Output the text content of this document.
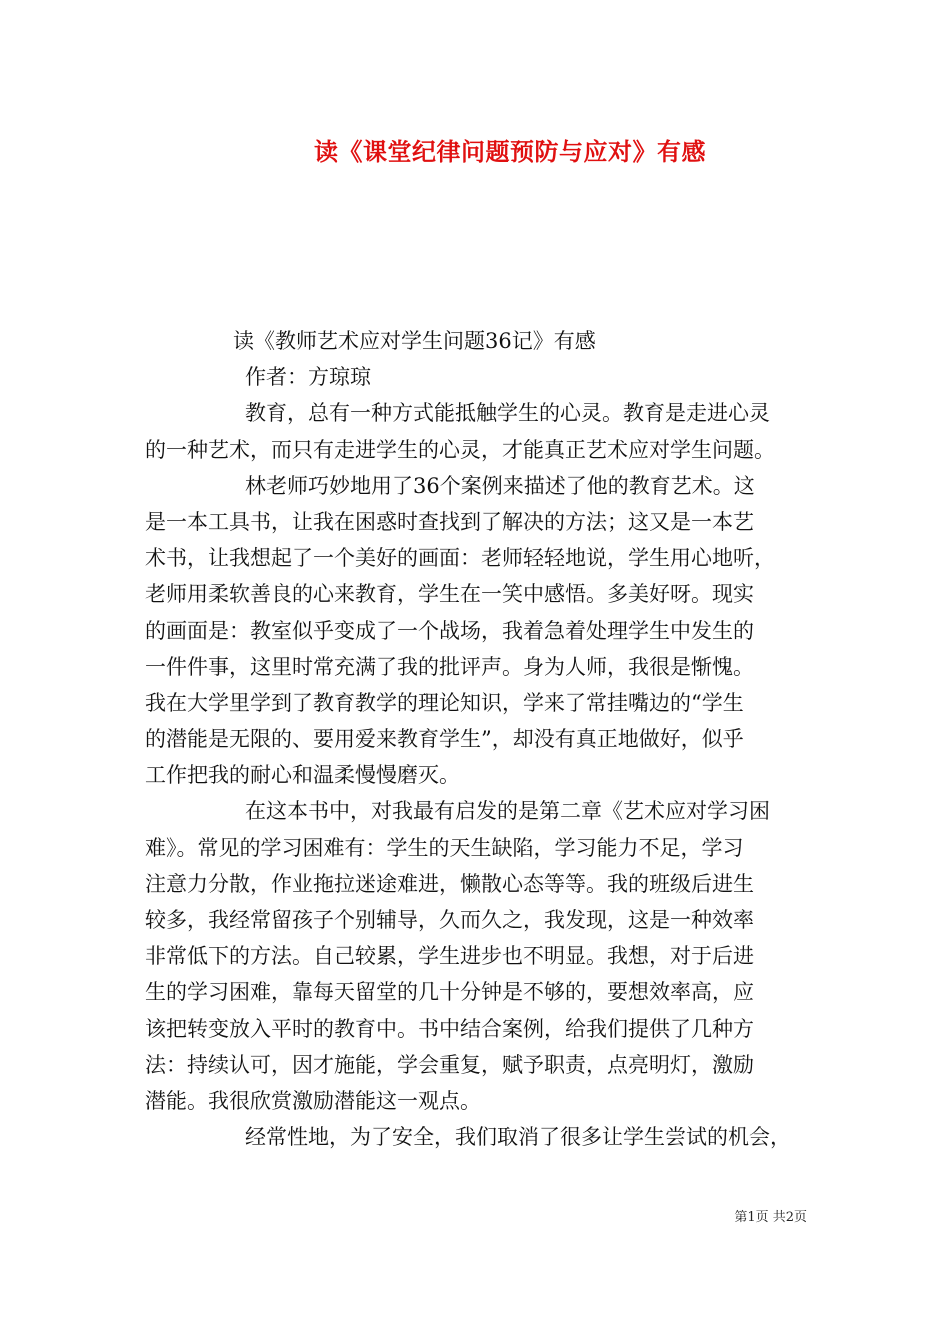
读《课堂纪律问题预防与应对》有感
读《教师艺术应对学生问题36记》有感
作者：方琼琼
教育，总有一种方式能抵触学生的心灵。教育是走进心灵
的一种艺术，而只有走进学生的心灵，才能真正艺术应对学生问题。
林老师巧妙地用了36个案例来描述了他的教育艺术。这
是一本工具书，让我在困惑时查找到了解决的方法；这又是一本艺
术书，让我想起了一个美好的画面：老师轻轻地说，学生用心地听，
老师用柔软善良的心来教育，学生在一笑中感悟。多美好呀。现实
的画面是：教室似乎变成了一个战场，我着急着处理学生中发生的
一件件事，这里时常充满了我的批评声。身为人师，我很是惭愧。
我在大学里学到了教育教学的理论知识，学来了常挂嘴边的“学生
的潜能是无限的、要用爱来教育学生”，却没有真正地做好，似乎
工作把我的耐心和温柔慢慢磨灭。
在这本书中，对我最有启发的是第二章《艺术应对学习困
难》。常见的学习困难有：学生的天生缺陷，学习能力不足，学习
注意力分散，作业拖拉迷途难进，懒散心态等等。我的班级后进生
较多，我经常留孩子个别辅导，久而久之，我发现，这是一种效率
非常低下的方法。自己较累，学生进步也不明显。我想，对于后进
生的学习困难，靠每天留堂的几十分钟是不够的，要想效率高，应
该把转变放入平时的教育中。书中结合案例，给我们提供了几种方
法：持续认可，因才施能，学会重复，赋予职责，点亮明灯，激励
潜能。我很欣赏激励潜能这一观点。
经常性地，为了安全，我们取消了很多让学生尝试的机会，
第1页 共2页
